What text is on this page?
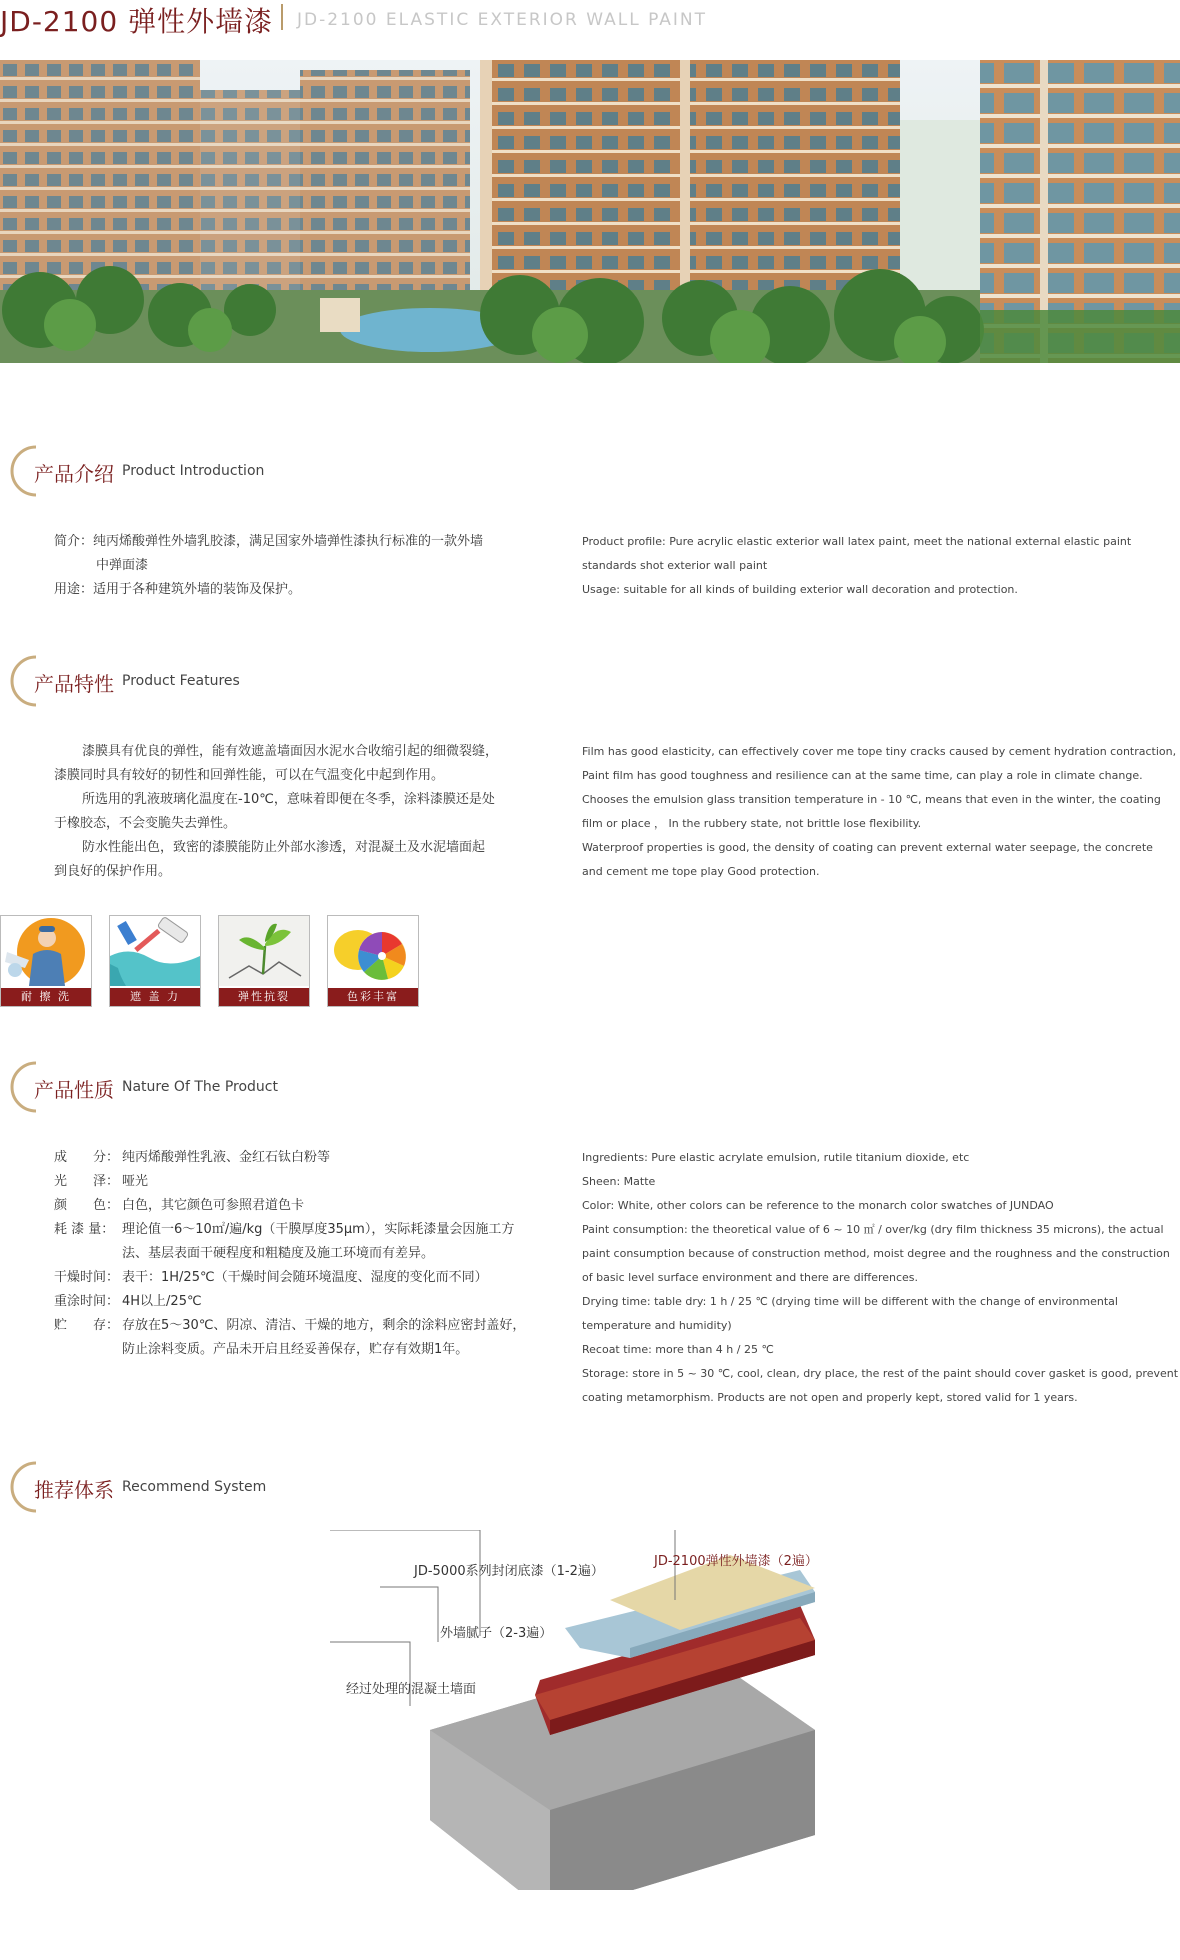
JD-2100 弹性外墙漆 JD-2100 ELASTIC EXTERIOR WALL PAINT
产品介绍 Product Introduction
简介：纯丙烯酸弹性外墙乳胶漆，满足国家外墙弹性漆执行标准的一款外墙
中弹面漆
用途：适用于各种建筑外墙的装饰及保护。
Product profile: Pure acrylic elastic exterior wall latex paint, meet the national external elastic paint
standards shot exterior wall paint
Usage: suitable for all kinds of building exterior wall decoration and protection.
产品特性 Product Features
漆膜具有优良的弹性，能有效遮盖墙面因水泥水合收缩引起的细微裂缝，
漆膜同时具有较好的韧性和回弹性能，可以在气温变化中起到作用。
所选用的乳液玻璃化温度在-10℃，意味着即便在冬季，涂料漆膜还是处
于橡胶态，不会变脆失去弹性。
防水性能出色，致密的漆膜能防止外部水渗透，对混凝土及水泥墙面起
到良好的保护作用。
Film has good elasticity, can effectively cover me tope tiny cracks caused by cement hydration contraction,
Paint film has good toughness and resilience can at the same time, can play a role in climate change.
Chooses the emulsion glass transition temperature in - 10 ℃, means that even in the winter, the coating
film or place ， In the rubbery state, not brittle lose flexibility.
Waterproof properties is good, the density of coating can prevent external water seepage, the concrete
and cement me tope play Good protection.
耐 擦 洗	遮 盖 力	弹性抗裂	色彩丰富
产品性质 Nature Of The Product
成　　分： 纯丙烯酸弹性乳液、金红石钛白粉等
光　　泽： 哑光
颜　　色： 白色，其它颜色可参照君道色卡
耗 漆 量： 理论值一6～10㎡/遍/kg（干膜厚度35μm），实际耗漆量会因施工方
法、基层表面干硬程度和粗糙度及施工环境而有差异。
干燥时间： 表干：1H/25℃（干燥时间会随环境温度、湿度的变化而不同）
重涂时间： 4H以上/25℃
贮　　存： 存放在5～30℃、阴凉、清洁、干燥的地方，剩余的涂料应密封盖好，
防止涂料变质。产品未开启且经妥善保存，贮存有效期1年。
Ingredients: Pure elastic acrylate emulsion, rutile titanium dioxide, etc
Sheen: Matte
Color: White, other colors can be reference to the monarch color swatches of JUNDAO
Paint consumption: the theoretical value of 6 ~ 10 ㎡ / over/kg (dry film thickness 35 microns), the actual
paint consumption because of construction method, moist degree and the roughness and the construction
of basic level surface environment and there are differences.
Drying time: table dry: 1 h / 25 ℃ (drying time will be different with the change of environmental
temperature and humidity)
Recoat time: more than 4 h / 25 ℃
Storage: store in 5 ~ 30 ℃, cool, clean, dry place, the rest of the paint should cover gasket is good, prevent
coating metamorphism. Products are not open and properly kept, stored valid for 1 years.
推荐体系 Recommend System
JD-5000系列封闭底漆（1-2遍）
JD-2100弹性外墙漆（2遍）
外墙腻子（2-3遍）
经过处理的混凝土墙面
